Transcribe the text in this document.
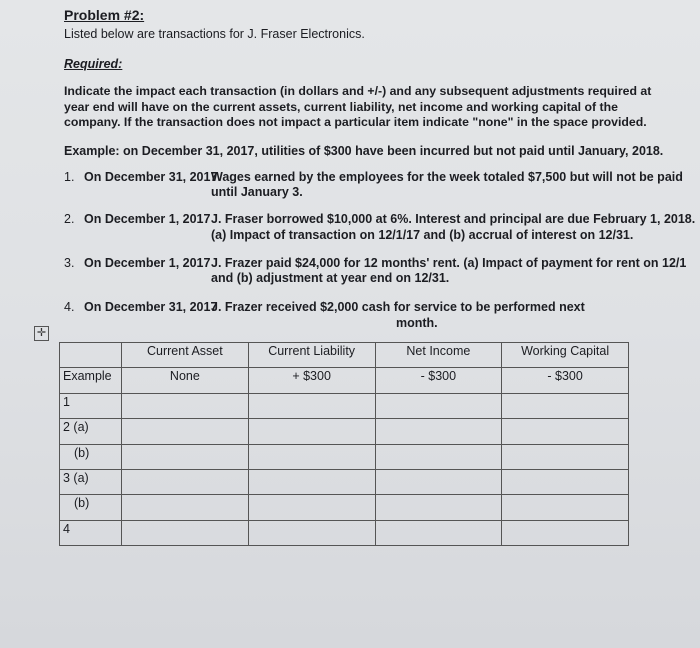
Problem #2:
Listed below are transactions for J. Fraser Electronics.
Required:
Indicate the impact each transaction (in dollars and +/-) and any subsequent adjustments required at year end will have on the current assets, current liability, net income and working capital of the company. If the transaction does not impact a particular item indicate "none" in the space provided.
Example: on December 31, 2017, utilities of $300 have been incurred but not paid until January, 2018.
1. On December 31, 2017
Wages earned by the employees for the week totaled $7,500 but will not be paid
until January 3.
2. On December 1, 2017 J. Fraser borrowed $10,000 at 6%. Interest and principal are due February 1, 2018.
(a) Impact of transaction on 12/1/17 and (b) accrual of interest on 12/31.
3. On December 1, 2017 J. Frazer paid $24,000 for 12 months' rent. (a) Impact of payment for rent on 12/1
and (b) adjustment at year end on 12/31.
4. On December 31, 2017
J. Frazer received $2,000 cash for service to be performed next
month.
✛
	Current Asset	Current Liability	Net Income	Working Capital
Example	None	+ $300	- $300	- $300
1				
2 (a)				
(b)				
3 (a)				
(b)				
4				
